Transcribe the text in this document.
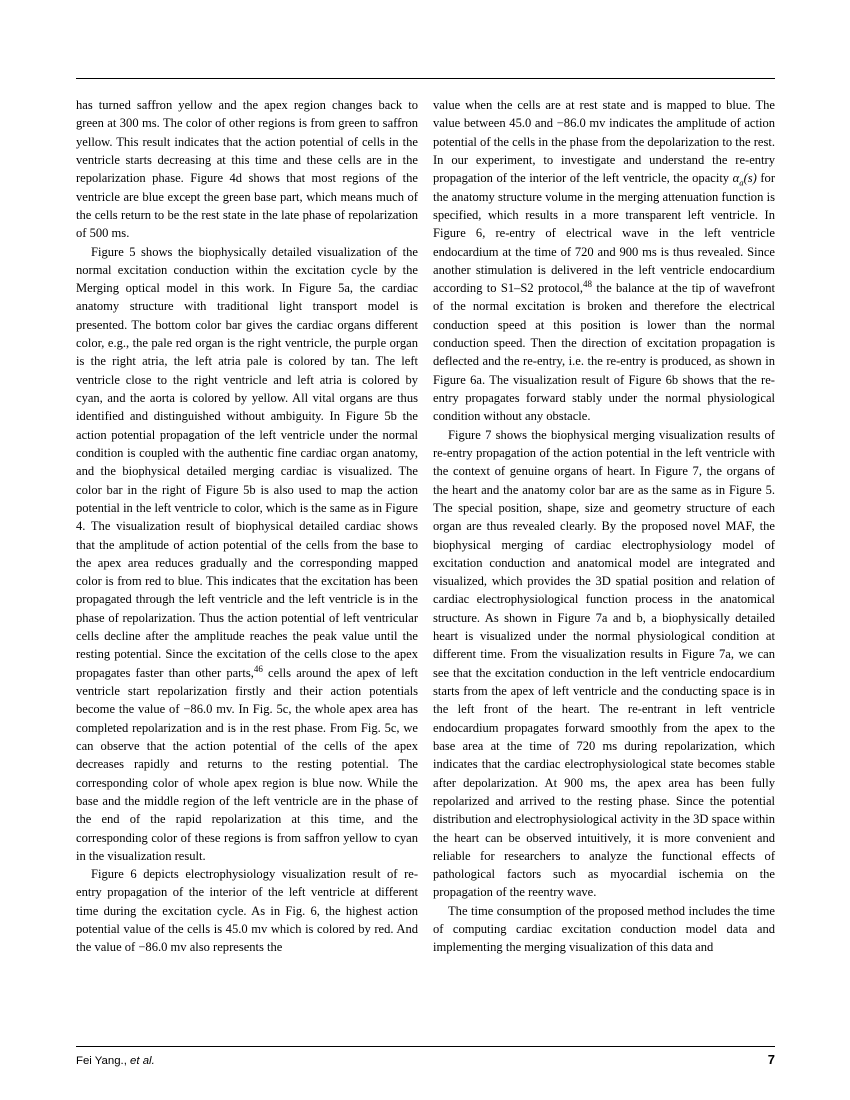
has turned saffron yellow and the apex region changes back to green at 300 ms. The color of other regions is from green to saffron yellow. This result indicates that the action potential of cells in the ventricle starts decreasing at this time and these cells are in the repolarization phase. Figure 4d shows that most regions of the ventricle are blue except the green base part, which means much of the cells return to be the rest state in the late phase of repolarization of 500 ms.

Figure 5 shows the biophysically detailed visualization of the normal excitation conduction within the excitation cycle by the Merging optical model in this work. In Figure 5a, the cardiac anatomy structure with traditional light transport model is presented. The bottom color bar gives the cardiac organs different color, e.g., the pale red organ is the right ventricle, the purple organ is the right atria, the left atria pale is colored by tan. The left ventricle close to the right ventricle and left atria is colored by cyan, and the aorta is colored by yellow. All vital organs are thus identified and distinguished without ambiguity. In Figure 5b the action potential propagation of the left ventricle under the normal condition is coupled with the authentic fine cardiac organ anatomy, and the biophysical detailed merging cardiac is visualized. The color bar in the right of Figure 5b is also used to map the action potential in the left ventricle to color, which is the same as in Figure 4. The visualization result of biophysical detailed cardiac shows that the amplitude of action potential of the cells from the base to the apex area reduces gradually and the corresponding mapped color is from red to blue. This indicates that the excitation has been propagated through the left ventricle and the left ventricle is in the phase of repolarization. Thus the action potential of left ventricular cells decline after the amplitude reaches the peak value until the resting potential. Since the excitation of the cells close to the apex propagates faster than other parts,$^{46}$ cells around the apex of left ventricle start repolarization firstly and their action potentials become the value of −86.0 mv. In Fig. 5c, the whole apex area has completed repolarization and is in the rest phase. From Fig. 5c, we can observe that the action potential of the cells of the apex decreases rapidly and returns to the resting potential. The corresponding color of whole apex region is blue now. While the base and the middle region of the left ventricle are in the phase of the end of the rapid repolarization at this time, and the corresponding color of these regions is from saffron yellow to cyan in the visualization result.

Figure 6 depicts electrophysiology visualization result of re-entry propagation of the interior of the left ventricle at different time during the excitation cycle. As in Fig. 6, the highest action potential value of the cells is 45.0 mv which is colored by red. And the value of −86.0 mv also represents the

value when the cells are at rest state and is mapped to blue. The value between 45.0 and −86.0 mv indicates the amplitude of action potential of the cells in the phase from the depolarization to the rest. In our experiment, to investigate and understand the re-entry propagation of the interior of the left ventricle, the opacity $\alpha_a(s)$ for the anatomy structure volume in the merging attenuation function is specified, which results in a more transparent left ventricle. In Figure 6, re-entry of electrical wave in the left ventricle endocardium at the time of 720 and 900 ms is thus revealed. Since another stimulation is delivered in the left ventricle endocardium according to S1–S2 protocol,$^{48}$ the balance at the tip of wavefront of the normal excitation is broken and therefore the electrical conduction speed at this position is lower than the normal conduction speed. Then the direction of excitation propagation is deflected and the re-entry, i.e. the re-entry is produced, as shown in Figure 6a. The visualization result of Figure 6b shows that the re-entry propagates forward stably under the normal physiological condition without any obstacle.

Figure 7 shows the biophysical merging visualization results of re-entry propagation of the action potential in the left ventricle with the context of genuine organs of heart. In Figure 7, the organs of the heart and the anatomy color bar are as the same as in Figure 5. The special position, shape, size and geometry structure of each organ are thus revealed clearly. By the proposed novel MAF, the biophysical merging of cardiac electrophysiology model of excitation conduction and anatomical model are integrated and visualized, which provides the 3D spatial position and relation of cardiac electrophysiological function process in the anatomical structure. As shown in Figure 7a and b, a biophysically detailed heart is visualized under the normal physiological condition at different time. From the visualization results in Figure 7a, we can see that the excitation conduction in the left ventricle endocardium starts from the apex of left ventricle and the conducting space is in the left front of the heart. The re-entrant in left ventricle endocardium propagates forward smoothly from the apex to the base area at the time of 720 ms during repolarization, which indicates that the cardiac electrophysiological state becomes stable after depolarization. At 900 ms, the apex area has been fully repolarized and arrived to the resting phase. Since the potential distribution and electrophysiological activity in the 3D space within the heart can be observed intuitively, it is more convenient and reliable for researchers to analyze the functional effects of pathological factors such as myocardial ischemia on the propagation of the reentry wave.

The time consumption of the proposed method includes the time of computing cardiac excitation conduction model data and implementing the merging visualization of this data and

Fei Yang., et al.	7
